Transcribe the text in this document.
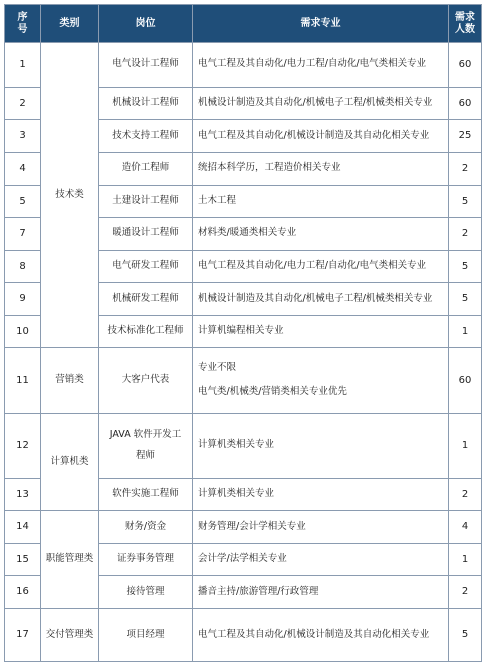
序
号	类别	岗位	需求专业	需求
人数

1	技术类	电气设计工程师	电气工程及其自动化/电力工程/自动化/电气类相关专业	60
2		机械设计工程师	机械设计制造及其自动化/机械电子工程/机械类相关专业	60
3		技术支持工程师	电气工程及其自动化/机械设计制造及其自动化相关专业	25
4		造价工程师	统招本科学历，工程造价相关专业	2
5		土建设计工程师	土木工程	5
7		暖通设计工程师	材料类/暖通类相关专业	2
8		电气研发工程师	电气工程及其自动化/电力工程/自动化/电气类相关专业	5
9		机械研发工程师	机械设计制造及其自动化/机械电子工程/机械类相关专业	5
10		技术标准化工程师	计算机编程相关专业	1
11	营销类	大客户代表	专业不限
电气类/机械类/营销类相关专业优先	60
12	计算机类	JAVA 软件开发工
程师	计算机类相关专业	1
13		软件实施工程师	计算机类相关专业	2
14	职能管理类	财务/资金	财务管理/会计学相关专业	4
15		证券事务管理	会计学/法学相关专业	1
16		接待管理	播音主持/旅游管理/行政管理	2
17	交付管理类	项目经理	电气工程及其自动化/机械设计制造及其自动化相关专业	5
